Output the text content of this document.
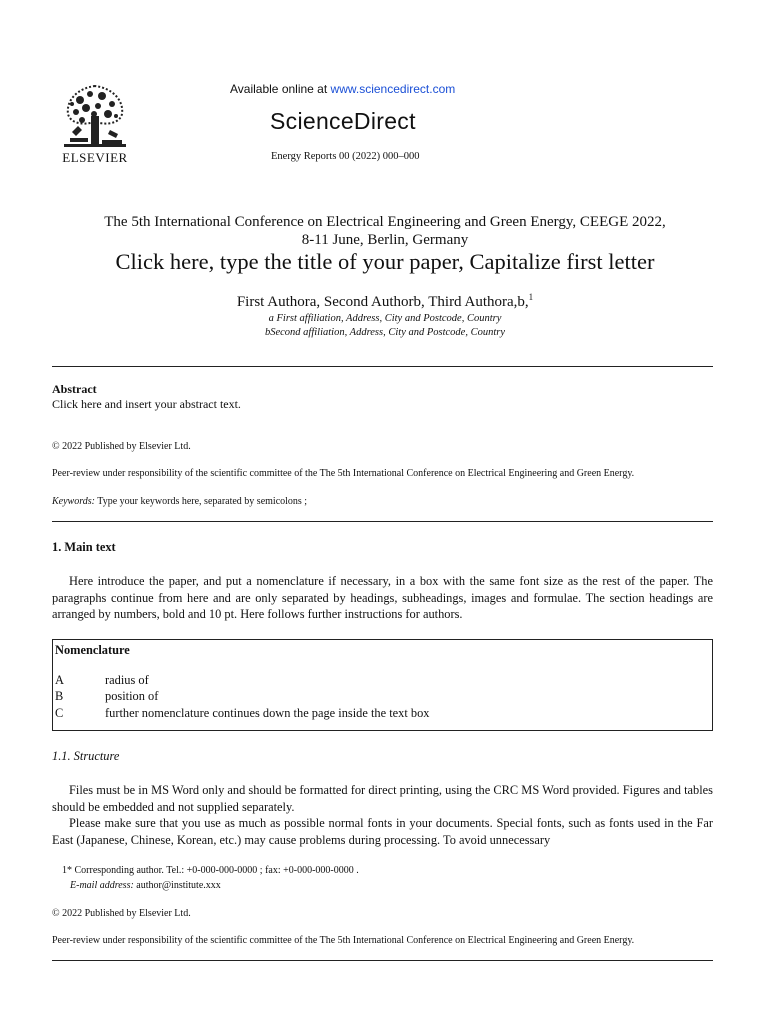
ELSEVIER
Available online at www.sciencedirect.com
ScienceDirect
Energy Reports 00 (2022) 000–000
The 5th International Conference on Electrical Engineering and Green Energy, CEEGE 2022,
8-11 June, Berlin, Germany
Click here, type the title of your paper, Capitalize first letter
First Authora, Second Authorb, Third Authora,b,$^1$
a First affiliation, Address, City and Postcode, Country
bSecond affiliation, Address, City and Postcode, Country
Abstract
Click here and insert your abstract text.
© 2022 Published by Elsevier Ltd.
Peer-review under responsibility of the scientific committee of the The 5th International Conference on Electrical Engineering and Green Energy.
Keywords: Type your keywords here, separated by semicolons ;
1. Main text
Here introduce the paper, and put a nomenclature if necessary, in a box with the same font size as the rest of the paper. The paragraphs continue from here and are only separated by headings, subheadings, images and formulae. The section headings are arranged by numbers, bold and 10 pt. Here follows further instructions for authors.
Nomenclature
A	radius of
B	position of
C	further nomenclature continues down the page inside the text box
1.1. Structure
Files must be in MS Word only and should be formatted for direct printing, using the CRC MS Word provided. Figures and tables should be embedded and not supplied separately.
Please make sure that you use as much as possible normal fonts in your documents. Special fonts, such as fonts used in the Far East (Japanese, Chinese, Korean, etc.) may cause problems during processing. To avoid unnecessary
1* Corresponding author. Tel.: +0-000-000-0000 ; fax: +0-000-000-0000 .
E-mail address: author@institute.xxx
© 2022 Published by Elsevier Ltd.
Peer-review under responsibility of the scientific committee of the The 5th International Conference on Electrical Engineering and Green Energy.
